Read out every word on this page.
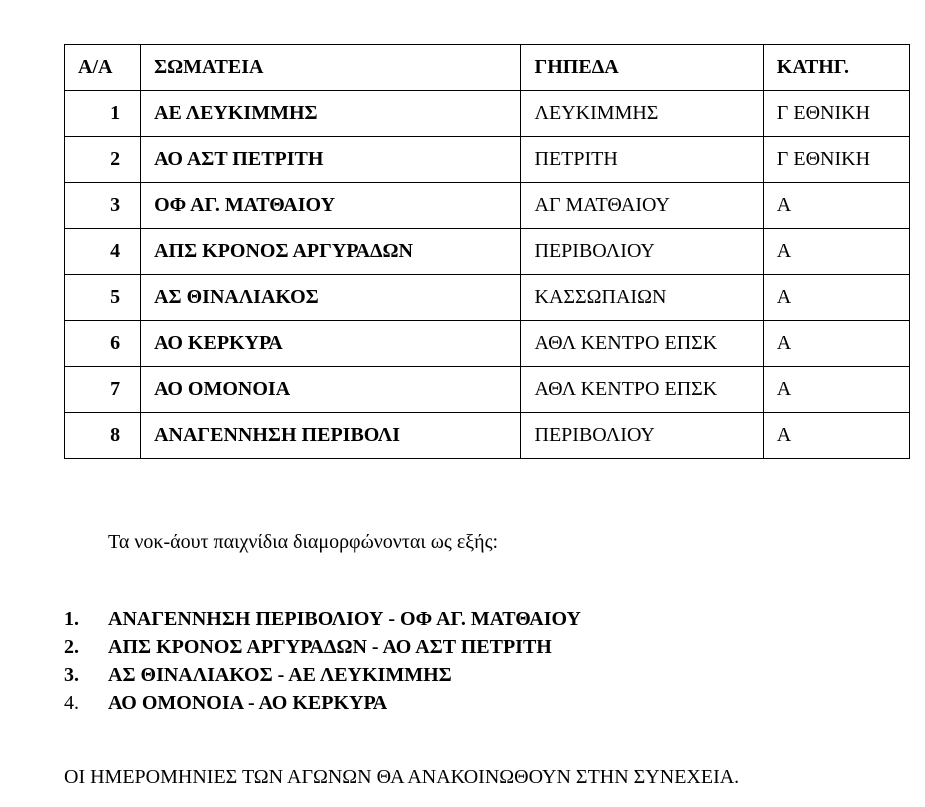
Α/Α	ΣΩΜΑΤΕΙΑ	ΓΗΠΕΔΑ	ΚΑΤΗΓ.
1	ΑΕ ΛΕΥΚΙΜΜΗΣ	ΛΕΥΚΙΜΜΗΣ	Γ ΕΘΝΙΚΗ
2	ΑΟ ΑΣΤ ΠΕΤΡΙΤΗ	ΠΕΤΡΙΤΗ	Γ ΕΘΝΙΚΗ
3	ΟΦ ΑΓ. ΜΑΤΘΑΙΟΥ	ΑΓ ΜΑΤΘΑΙΟΥ	Α
4	ΑΠΣ ΚΡΟΝΟΣ ΑΡΓΥΡΑΔΩΝ	ΠΕΡΙΒΟΛΙΟΥ	Α
5	ΑΣ ΘΙΝΑΛΙΑΚΟΣ	ΚΑΣΣΩΠΑΙΩΝ	Α
6	ΑΟ ΚΕΡΚΥΡΑ	ΑΘΛ ΚΕΝΤΡΟ ΕΠΣΚ	Α
7	ΑΟ ΟΜΟΝΟΙΑ	ΑΘΛ ΚΕΝΤΡΟ ΕΠΣΚ	Α
8	ΑΝΑΓΕΝΝΗΣΗ ΠΕΡΙΒΟΛΙ	ΠΕΡΙΒΟΛΙΟΥ	Α
Τα νοκ-άουτ παιχνίδια διαμορφώνονται ως εξής:
1. ΑΝΑΓΕΝΝΗΣΗ ΠΕΡΙΒΟΛΙΟΥ - ΟΦ ΑΓ. ΜΑΤΘΑΙΟΥ
2. ΑΠΣ ΚΡΟΝΟΣ ΑΡΓΥΡΑΔΩΝ - ΑΟ ΑΣΤ ΠΕΤΡΙΤΗ
3. ΑΣ ΘΙΝΑΛΙΑΚΟΣ - ΑΕ ΛΕΥΚΙΜΜΗΣ
4. ΑΟ ΟΜΟΝΟΙΑ - ΑΟ ΚΕΡΚΥΡΑ
ΟΙ ΗΜΕΡΟΜΗΝΙΕΣ ΤΩΝ ΑΓΩΝΩΝ ΘΑ ΑΝΑΚΟΙΝΩΘΟΥΝ ΣΤΗΝ ΣΥΝΕΧΕΙΑ.
